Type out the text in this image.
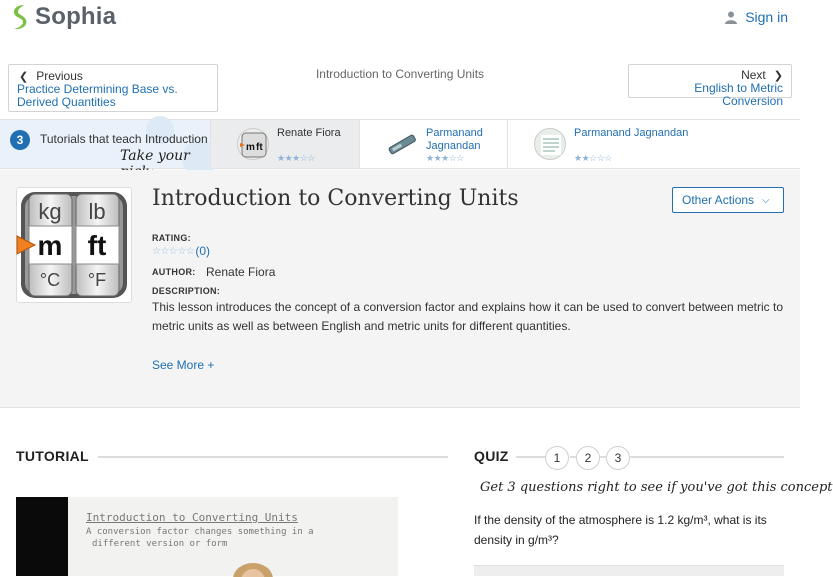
Sophia	Sign in
❮ Previous
Practice Determining Base vs. Derived Quantities
Introduction to Converting Units	Next ❯
English to Metric Conversion
3	Tutorials that teach Introduction
Take your
m ft
Renate Fiora
★★★☆☆
Parmanand Jagnandan
★★★☆☆
Parmanand Jagnandan
★★☆☆☆
kg lb
m ft
°C °F
Introduction to Converting Units	Other Actions ⌵
RATING:
☆☆☆☆☆ (0)
AUTHOR: Renate Fiora
DESCRIPTION:
This lesson introduces the concept of a conversion factor and explains how it can be used to convert between metric to metric units as well as between English and metric units for different quantities.
See More +
TUTORIAL
Introduction to Converting Units
A conversion factor changes something in a
different version or form
QUIZ	1	2	3
Get 3 questions right to see if you've got this concept
If the density of the atmosphere is 1.2 kg/m³, what is its density in g/m³?
